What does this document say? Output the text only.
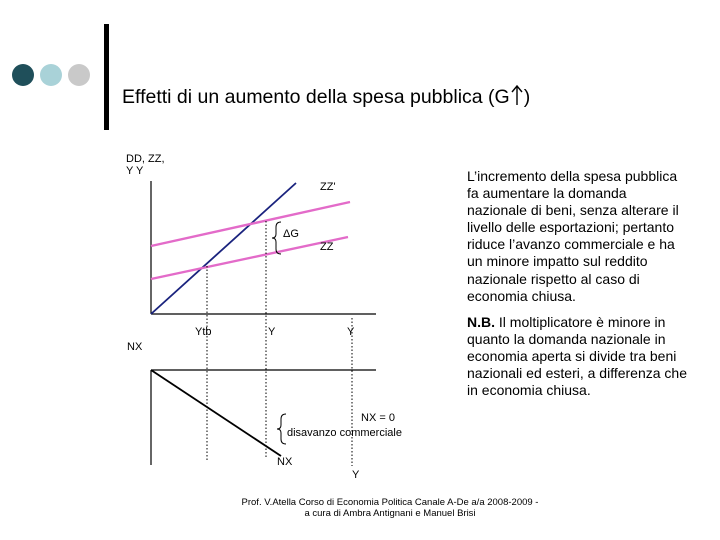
Effetti di un aumento della spesa pubblica (G )
DD, ZZ,
Y Y
ZZ'
ΔG
ZZ
Ytb	Y	Y
NX
NX = 0
disavanzo commerciale
NX
Y

L’incremento della spesa pubblica fa aumentare la domanda nazionale di beni, senza alterare il livello delle esportazioni; pertanto riduce l’avanzo commerciale e ha un minore impatto sul reddito nazionale rispetto al caso di economia chiusa.

N.B. Il moltiplicatore è minore in quanto la domanda nazionale in economia aperta si divide tra beni nazionali ed esteri, a differenza che in economia chiusa.

Prof. V.Atella Corso di Economia Politica Canale A-De a/a 2008-2009 -
a cura di Ambra Antignani e Manuel Brisi
